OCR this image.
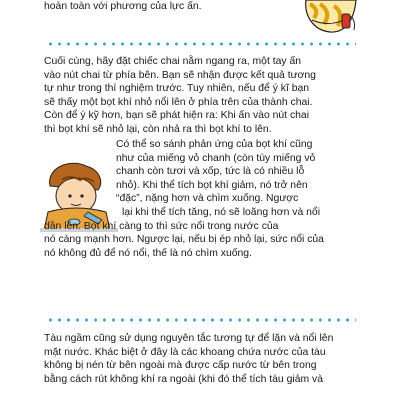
hoàn toàn với phương của lực ấn.

Cuối cùng, hãy đặt chiếc chai nằm ngang ra, một tay ấn
vào nút chai từ phía bên. Bạn sẽ nhận được kết quả tương
tự như trong thí nghiệm trước. Tuy nhiên, nếu để ý kĩ bạn
sẽ thấy một bọt khí nhỏ nổi lên ở phía trên của thành chai.
Còn để ý kỹ hơn, bạn sẽ phát hiện ra: Khi ấn vào nút chai
thì bọt khí sẽ nhỏ lại, còn nhả ra thì bọt khí to lên.

Có thể so sánh phản ứng của bọt khí cũng
như của miếng vỏ chanh (còn tùy miếng vỏ
chanh còn tươi và xốp, tức là có nhiều lỗ
nhỏ). Khi thể tích bọt khí giảm, nó trở nên
“đặc”, nặng hơn và chìm xuống. Ngược

lại khi thể tích tăng, nó sẽ loãng hơn và nổi
dần lên. Bọt khí càng to thì sức nổi trong nước của
nó càng mạnh hơn. Ngược lại, nếu bị ép nhỏ lại, sức nổi của
nó không đủ để nó nổi, thế là nó chìm xuống.

Tàu ngầm cũng sử dụng nguyên tắc tương tự để lặn và nổi lên
mặt nước. Khác biệt ở đây là các khoang chứa nước của tàu
không bị nén từ bên ngoài mà được cấp nước từ bên trong
bằng cách rút không khí ra ngoài (khi đó thể tích tàu giảm và
